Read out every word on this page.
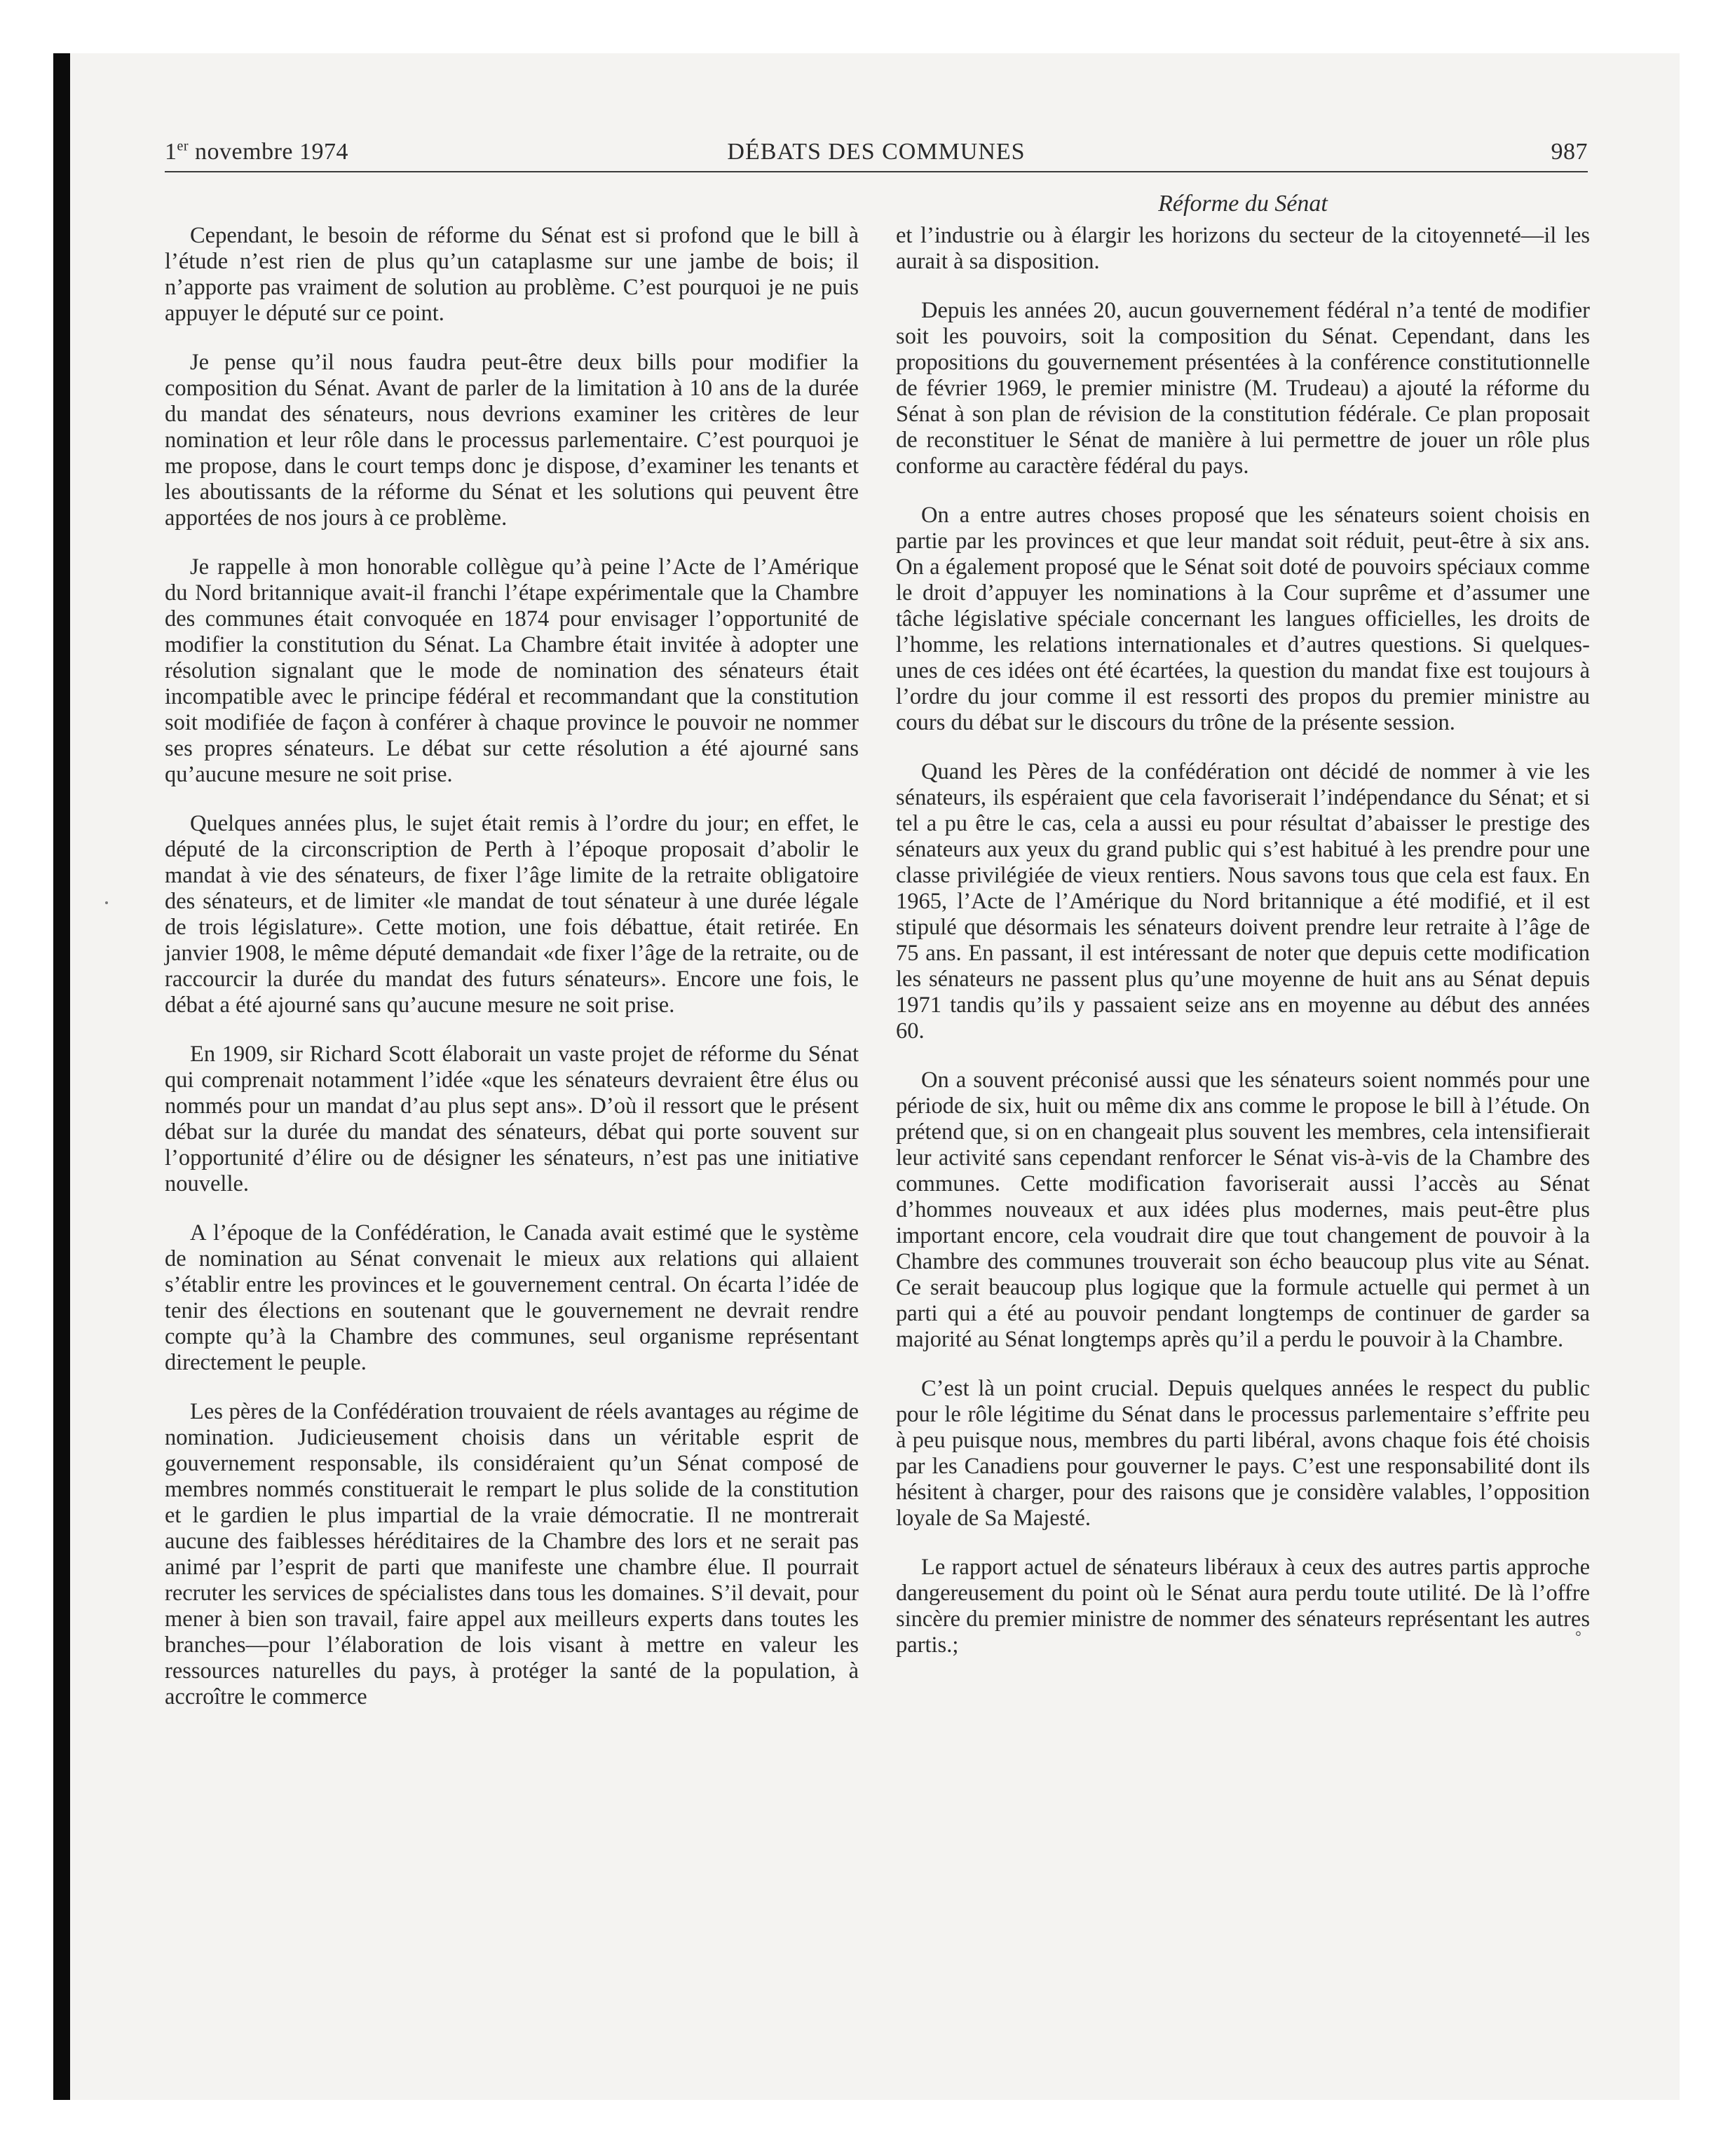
1er novembre 1974	DÉBATS DES COMMUNES	987
Réforme du Sénat

Cependant, le besoin de réforme du Sénat est si profond que le bill à l’étude n’est rien de plus qu’un cataplasme sur une jambe de bois; il n’apporte pas vraiment de solution au problème. C’est pourquoi je ne puis appuyer le député sur ce point.

Je pense qu’il nous faudra peut-être deux bills pour modifier la composition du Sénat. Avant de parler de la limitation à 10 ans de la durée du mandat des sénateurs, nous devrions examiner les critères de leur nomination et leur rôle dans le processus parlementaire. C’est pourquoi je me propose, dans le court temps donc je dispose, d’examiner les tenants et les aboutissants de la réforme du Sénat et les solutions qui peuvent être apportées de nos jours à ce problème.

Je rappelle à mon honorable collègue qu’à peine l’Acte de l’Amérique du Nord britannique avait-il franchi l’étape expérimentale que la Chambre des communes était convoquée en 1874 pour envisager l’opportunité de modifier la constitution du Sénat. La Chambre était invitée à adopter une résolution signalant que le mode de nomination des sénateurs était incompatible avec le principe fédéral et recommandant que la constitution soit modifiée de façon à conférer à chaque province le pouvoir ne nommer ses propres sénateurs. Le débat sur cette résolution a été ajourné sans qu’aucune mesure ne soit prise.

Quelques années plus, le sujet était remis à l’ordre du jour; en effet, le député de la circonscription de Perth à l’époque proposait d’abolir le mandat à vie des sénateurs, de fixer l’âge limite de la retraite obligatoire des sénateurs, et de limiter «le mandat de tout sénateur à une durée légale de trois législature». Cette motion, une fois débattue, était retirée. En janvier 1908, le même député demandait «de fixer l’âge de la retraite, ou de raccourcir la durée du mandat des futurs sénateurs». Encore une fois, le débat a été ajourné sans qu’aucune mesure ne soit prise.

En 1909, sir Richard Scott élaborait un vaste projet de réforme du Sénat qui comprenait notamment l’idée «que les sénateurs devraient être élus ou nommés pour un mandat d’au plus sept ans». D’où il ressort que le présent débat sur la durée du mandat des sénateurs, débat qui porte souvent sur l’opportunité d’élire ou de désigner les sénateurs, n’est pas une initiative nouvelle.

A l’époque de la Confédération, le Canada avait estimé que le système de nomination au Sénat convenait le mieux aux relations qui allaient s’établir entre les provinces et le gouvernement central. On écarta l’idée de tenir des élections en soutenant que le gouvernement ne devrait rendre compte qu’à la Chambre des communes, seul organisme représentant directement le peuple.

Les pères de la Confédération trouvaient de réels avantages au régime de nomination. Judicieusement choisis dans un véritable esprit de gouvernement responsable, ils considéraient qu’un Sénat composé de membres nommés constituerait le rempart le plus solide de la constitution et le gardien le plus impartial de la vraie démocratie. Il ne montrerait aucune des faiblesses héréditaires de la Chambre des lors et ne serait pas animé par l’esprit de parti que manifeste une chambre élue. Il pourrait recruter les services de spécialistes dans tous les domaines. S’il devait, pour mener à bien son travail, faire appel aux meilleurs experts dans toutes les branches—pour l’élaboration de lois visant à mettre en valeur les ressources naturelles du pays, à protéger la santé de la population, à accroître le commerce

et l’industrie ou à élargir les horizons du secteur de la citoyenneté—il les aurait à sa disposition.

Depuis les années 20, aucun gouvernement fédéral n’a tenté de modifier soit les pouvoirs, soit la composition du Sénat. Cependant, dans les propositions du gouvernement présentées à la conférence constitutionnelle de février 1969, le premier ministre (M. Trudeau) a ajouté la réforme du Sénat à son plan de révision de la constitution fédérale. Ce plan proposait de reconstituer le Sénat de manière à lui permettre de jouer un rôle plus conforme au caractère fédéral du pays.

On a entre autres choses proposé que les sénateurs soient choisis en partie par les provinces et que leur mandat soit réduit, peut-être à six ans. On a également proposé que le Sénat soit doté de pouvoirs spéciaux comme le droit d’appuyer les nominations à la Cour suprême et d’assumer une tâche législative spéciale concernant les langues officielles, les droits de l’homme, les relations internationales et d’autres questions. Si quelques-unes de ces idées ont été écartées, la question du mandat fixe est toujours à l’ordre du jour comme il est ressorti des propos du premier ministre au cours du débat sur le discours du trône de la présente session.

Quand les Pères de la confédération ont décidé de nommer à vie les sénateurs, ils espéraient que cela favoriserait l’indépendance du Sénat; et si tel a pu être le cas, cela a aussi eu pour résultat d’abaisser le prestige des sénateurs aux yeux du grand public qui s’est habitué à les prendre pour une classe privilégiée de vieux rentiers. Nous savons tous que cela est faux. En 1965, l’Acte de l’Amérique du Nord britannique a été modifié, et il est stipulé que désormais les sénateurs doivent prendre leur retraite à l’âge de 75 ans. En passant, il est intéressant de noter que depuis cette modification les sénateurs ne passent plus qu’une moyenne de huit ans au Sénat depuis 1971 tandis qu’ils y passaient seize ans en moyenne au début des années 60.

On a souvent préconisé aussi que les sénateurs soient nommés pour une période de six, huit ou même dix ans comme le propose le bill à l’étude. On prétend que, si on en changeait plus souvent les membres, cela intensifierait leur activité sans cependant renforcer le Sénat vis-à-vis de la Chambre des communes. Cette modification favoriserait aussi l’accès au Sénat d’hommes nouveaux et aux idées plus modernes, mais peut-être plus important encore, cela voudrait dire que tout changement de pouvoir à la Chambre des communes trouverait son écho beaucoup plus vite au Sénat. Ce serait beaucoup plus logique que la formule actuelle qui permet à un parti qui a été au pouvoir pendant longtemps de continuer de garder sa majorité au Sénat longtemps après qu’il a perdu le pouvoir à la Chambre.

C’est là un point crucial. Depuis quelques années le respect du public pour le rôle légitime du Sénat dans le processus parlementaire s’effrite peu à peu puisque nous, membres du parti libéral, avons chaque fois été choisis par les Canadiens pour gouverner le pays. C’est une responsabilité dont ils hésitent à charger, pour des raisons que je considère valables, l’opposition loyale de Sa Majesté.

Le rapport actuel de sénateurs libéraux à ceux des autres partis approche dangereusement du point où le Sénat aura perdu toute utilité. De là l’offre sincère du premier ministre de nommer des sénateurs représentant les autres partis.;	°
